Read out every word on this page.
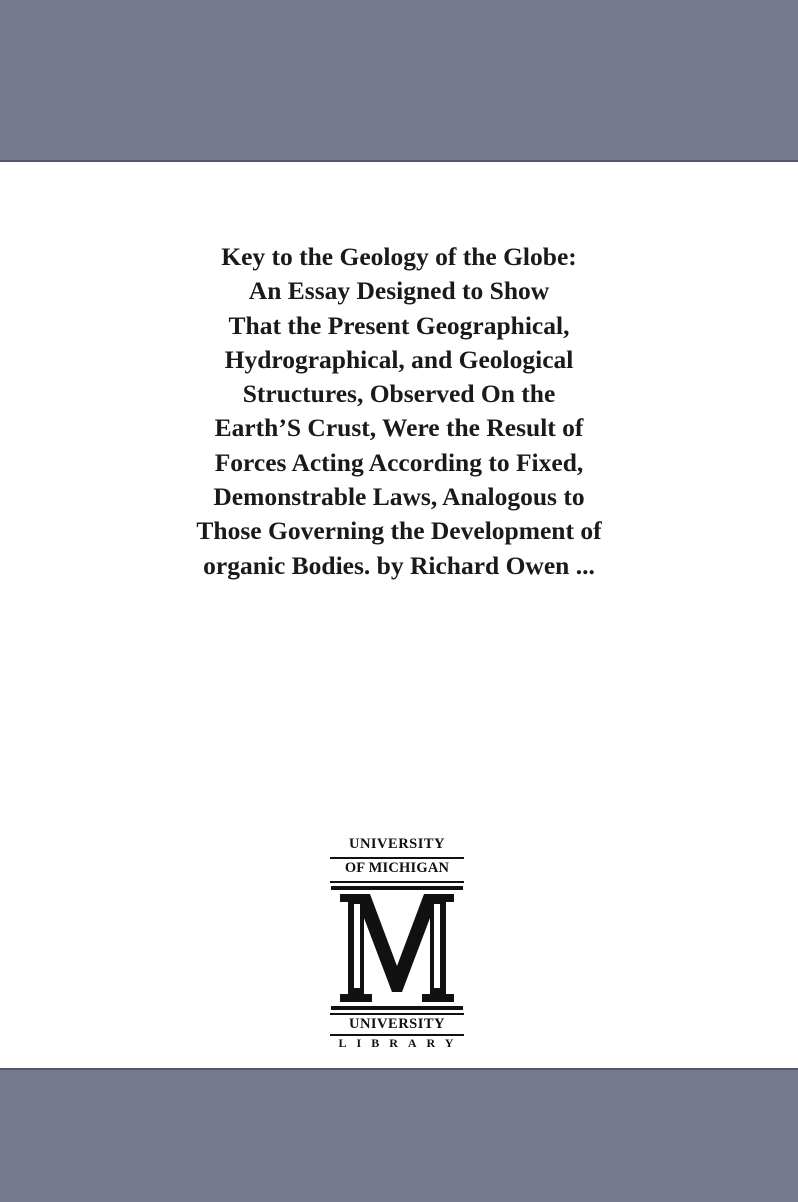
Key to the Geology of the Globe:
An Essay Designed to Show
That the Present Geographical,
Hydrographical, and Geological
Structures, Observed On the
Earth’S Crust, Were the Result of
Forces Acting According to Fixed,
Demonstrable Laws, Analogous to
Those Governing the Development of
organic Bodies. by Richard Owen ...
UNIVERSITY
OF MICHIGAN
UNIVERSITY
LIBRARY
